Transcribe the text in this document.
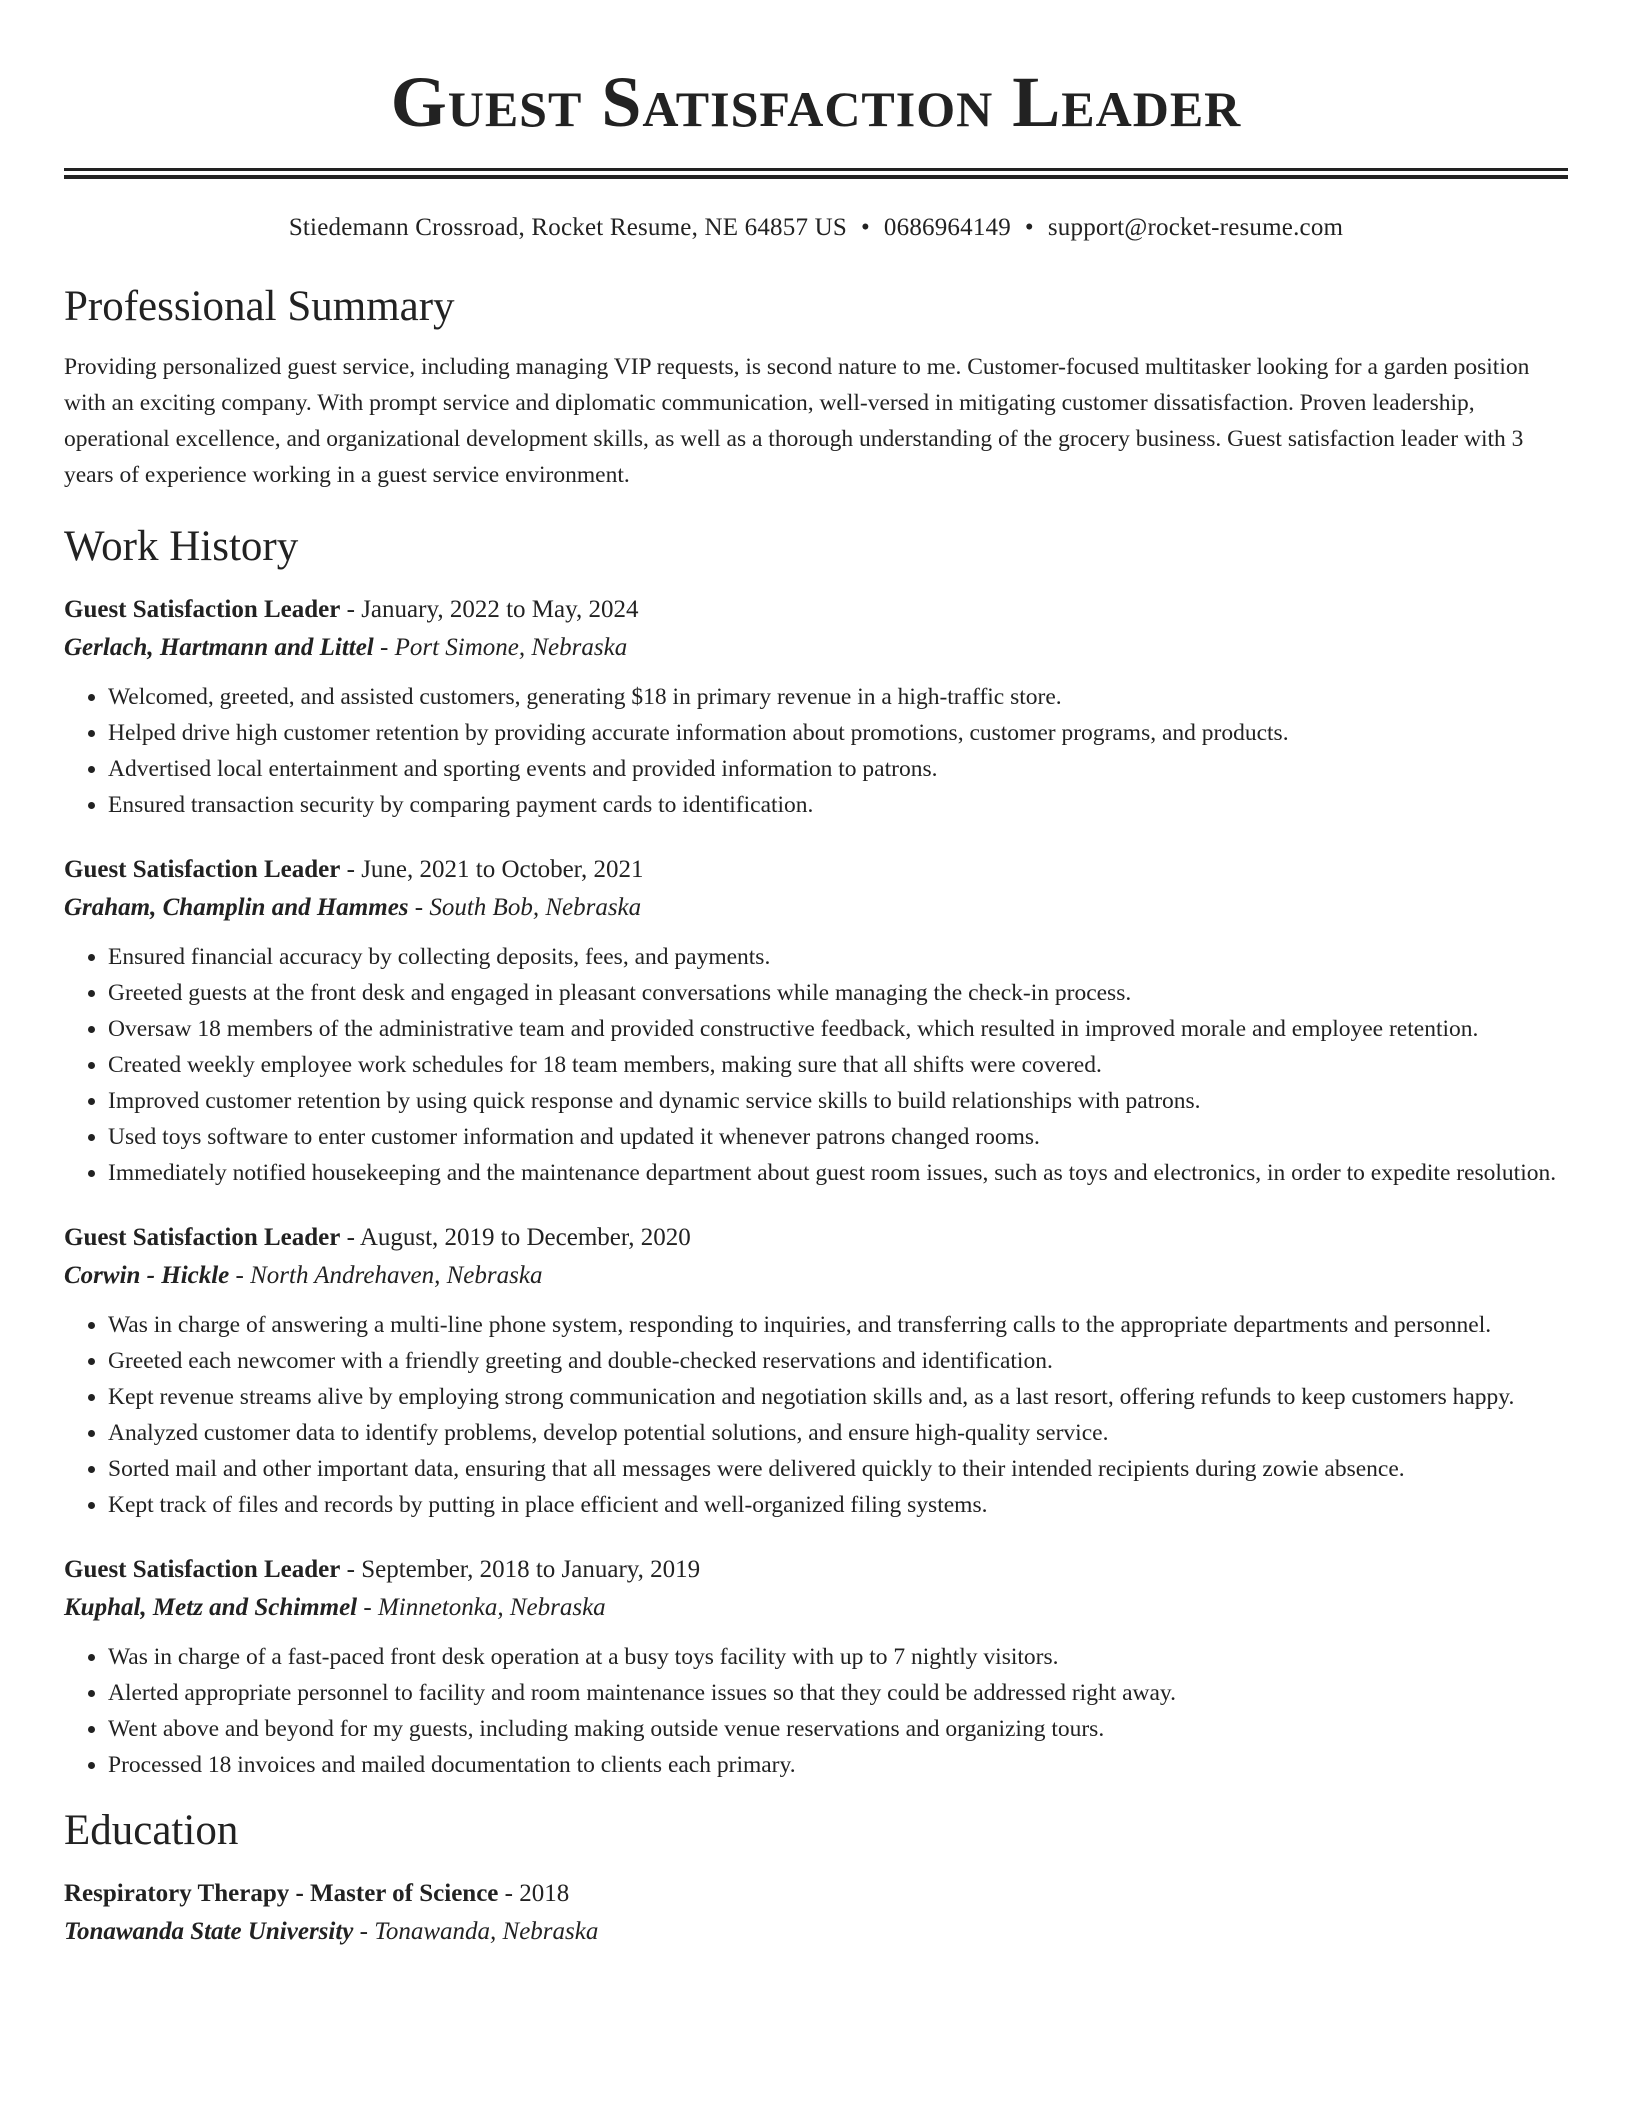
Guest Satisfaction Leader
Stiedemann Crossroad, Rocket Resume, NE 64857 US • 0686964149 • support@rocket-resume.com
Professional Summary

Providing personalized guest service, including managing VIP requests, is second nature to me. Customer-focused multitasker looking for a garden position with an exciting company. With prompt service and diplomatic communication, well-versed in mitigating customer dissatisfaction. Proven leadership, operational excellence, and organizational development skills, as well as a thorough understanding of the grocery business. Guest satisfaction leader with 3 years of experience working in a guest service environment.

Work History
Guest Satisfaction Leader - January, 2022 to May, 2024
Gerlach, Hartmann and Littel - Port Simone, Nebraska
• Welcomed, greeted, and assisted customers, generating $18 in primary revenue in a high-traffic store.
• Helped drive high customer retention by providing accurate information about promotions, customer programs, and products.
• Advertised local entertainment and sporting events and provided information to patrons.
• Ensured transaction security by comparing payment cards to identification.
Guest Satisfaction Leader - June, 2021 to October, 2021
Graham, Champlin and Hammes - South Bob, Nebraska
• Ensured financial accuracy by collecting deposits, fees, and payments.
• Greeted guests at the front desk and engaged in pleasant conversations while managing the check-in process.
• Oversaw 18 members of the administrative team and provided constructive feedback, which resulted in improved morale and employee retention.
• Created weekly employee work schedules for 18 team members, making sure that all shifts were covered.
• Improved customer retention by using quick response and dynamic service skills to build relationships with patrons.
• Used toys software to enter customer information and updated it whenever patrons changed rooms.
• Immediately notified housekeeping and the maintenance department about guest room issues, such as toys and electronics, in order to expedite resolution.
Guest Satisfaction Leader - August, 2019 to December, 2020
Corwin - Hickle - North Andrehaven, Nebraska
• Was in charge of answering a multi-line phone system, responding to inquiries, and transferring calls to the appropriate departments and personnel.
• Greeted each newcomer with a friendly greeting and double-checked reservations and identification.
• Kept revenue streams alive by employing strong communication and negotiation skills and, as a last resort, offering refunds to keep customers happy.
• Analyzed customer data to identify problems, develop potential solutions, and ensure high-quality service.
• Sorted mail and other important data, ensuring that all messages were delivered quickly to their intended recipients during zowie absence.
• Kept track of files and records by putting in place efficient and well-organized filing systems.
Guest Satisfaction Leader - September, 2018 to January, 2019
Kuphal, Metz and Schimmel - Minnetonka, Nebraska
• Was in charge of a fast-paced front desk operation at a busy toys facility with up to 7 nightly visitors.
• Alerted appropriate personnel to facility and room maintenance issues so that they could be addressed right away.
• Went above and beyond for my guests, including making outside venue reservations and organizing tours.
• Processed 18 invoices and mailed documentation to clients each primary.
Education
Respiratory Therapy - Master of Science - 2018
Tonawanda State University - Tonawanda, Nebraska
